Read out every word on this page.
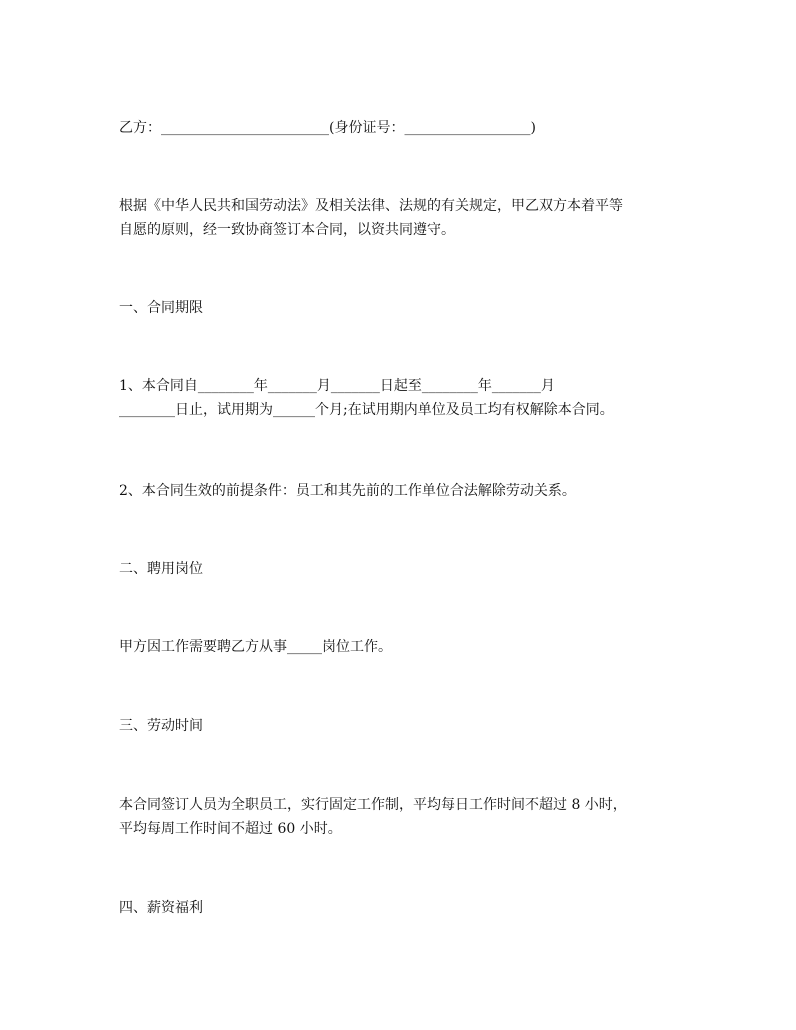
乙方：________________________(身份证号：__________________)

根据《中华人民共和国劳动法》及相关法律、法规的有关规定，甲乙双方本着平等

自愿的原则，经一致协商签订本合同，以资共同遵守。

一、合同期限

1、本合同自________年_______月_______日起至________年_______月

________日止，试用期为______个月;在试用期内单位及员工均有权解除本合同。

2、本合同生效的前提条件：员工和其先前的工作单位合法解除劳动关系。

二、聘用岗位

甲方因工作需要聘乙方从事_____岗位工作。

三、劳动时间

本合同签订人员为全职员工，实行固定工作制，平均每日工作时间不超过 8 小时，

平均每周工作时间不超过 60 小时。

四、薪资福利
